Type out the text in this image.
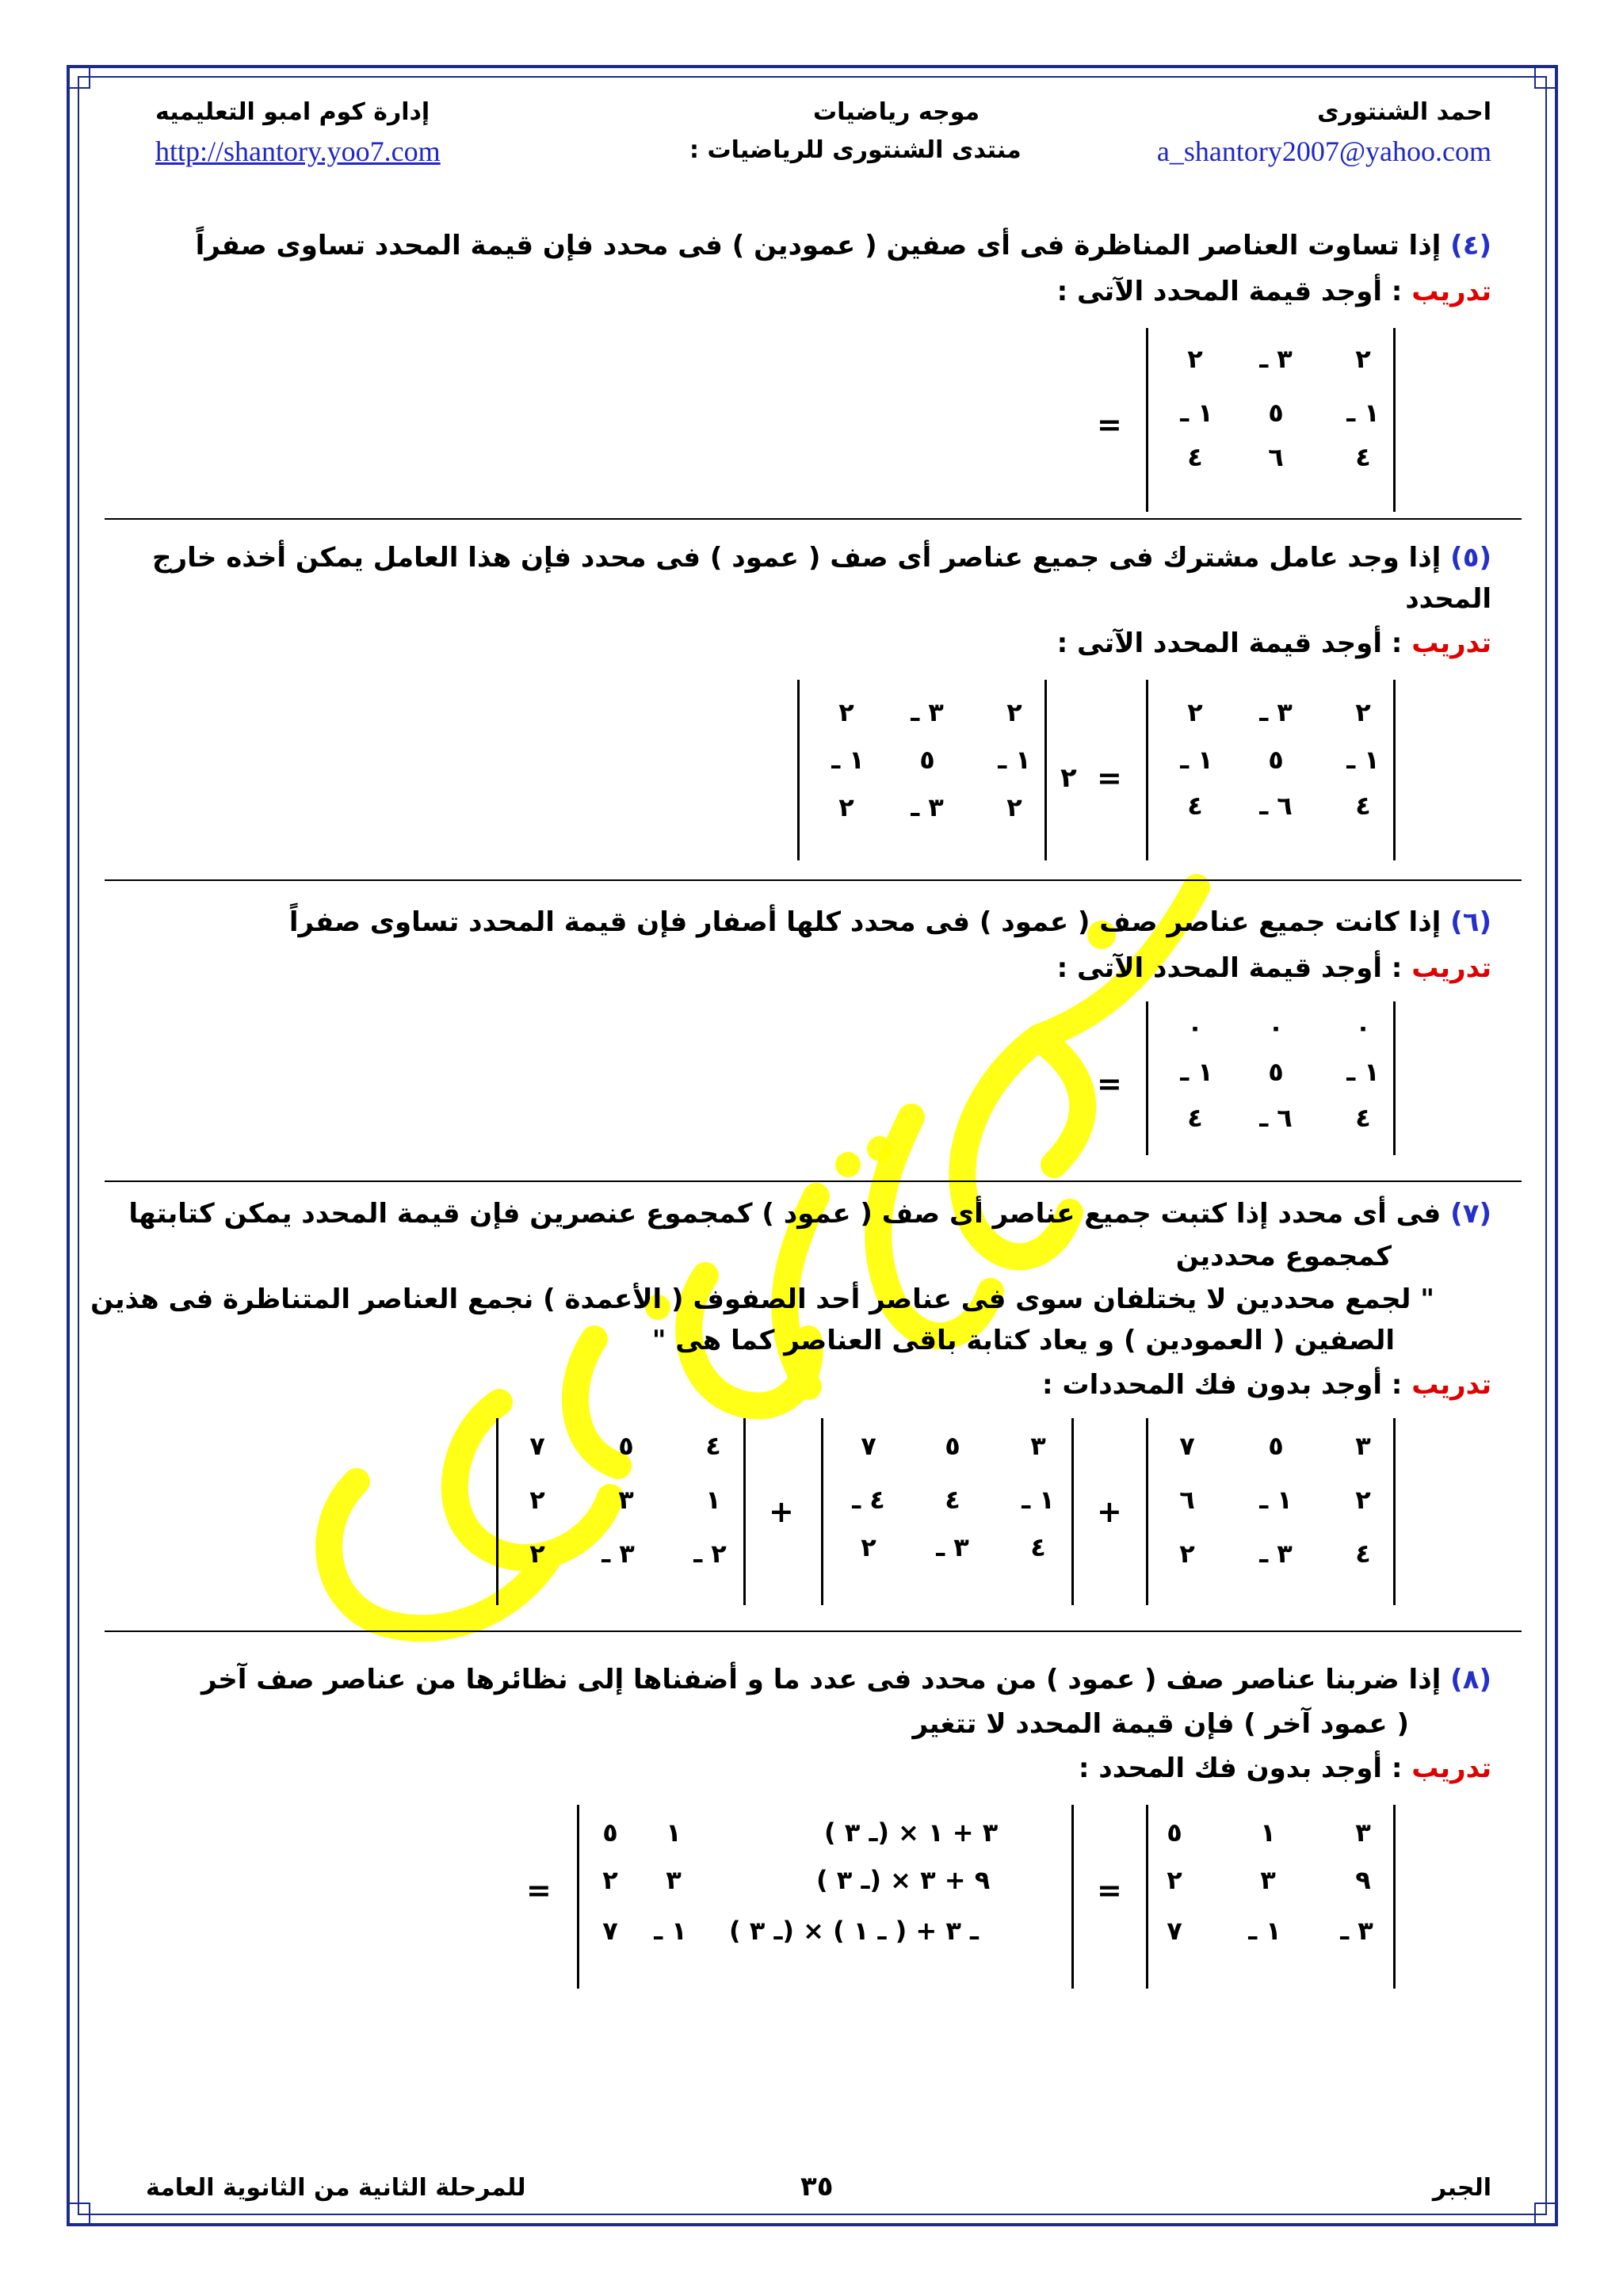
احمد الشنتورى
a_shantory2007@yahoo.com
موجه رياضيات
منتدى الشنتورى للرياضيات :
إدارة كوم امبو التعليميه
http://shantory.yoo7.com
(٤) إذا تساوت العناصر المناظرة فى أى صفين ( عمودين ) فى محدد فإن قيمة المحدد تساوى صفراً
تدريب : أوجد قيمة المحدد الآتى :
٢
٣ ـ
٢
١ ـ
٥
١ ـ
٤
٦
٤
=
(٥) إذا وجد عامل مشترك فى جميع عناصر أى صف ( عمود ) فى محدد فإن هذا العامل يمكن أخذه خارج
المحدد
تدريب : أوجد قيمة المحدد الآتى :
٢
٣ ـ
٢
١ ـ
٥
١ ـ
٤
٦ ـ
٤
=
٢
٢
٣ ـ
٢
١ ـ
٥
١ ـ
٢
٣ ـ
٢
(٦) إذا كانت جميع عناصر صف ( عمود ) فى محدد كلها أصفار فإن قيمة المحدد تساوى صفراً
تدريب : أوجد قيمة المحدد الآتى :
٠
٠
٠
١ ـ
٥
١ ـ
٤
٦ ـ
٤
=
(٧) فى أى محدد إذا كتبت جميع عناصر أى صف ( عمود ) كمجموع عنصرين فإن قيمة المحدد يمكن كتابتها
كمجموع محددين
" لجمع محددين لا يختلفان سوى فى عناصر أحد الصفوف ( الأعمدة ) نجمع العناصر المتناظرة فى هذين
الصفين ( العمودين ) و يعاد كتابة باقى العناصر كما هى "
تدريب : أوجد بدون فك المحددات :
٣
٥
٧
٢
١ ـ
٦
٤
٣ ـ
٢
+
٣
٥
٧
١ ـ
٤
٤ ـ
٤
٣ ـ
٢
+
٤
٥
٧
١
٣
٢
٢ ـ
٣ ـ
٢
(٨) إذا ضربنا عناصر صف ( عمود ) من محدد فى عدد ما و أضفناها إلى نظائرها من عناصر صف آخر
( عمود آخر ) فإن قيمة المحدد لا تتغير
تدريب : أوجد بدون فك المحدد :
٣
١
٥
٩
٣
٢
٣ ـ
١ ـ
٧
=
٣ + ١ × (ـ ٣ )
٩ + ٣ × (ـ ٣ )
ـ ٣ + ( ـ ١ ) × (ـ ٣ )
١
٣
١ ـ
٥
٢
٧
=
الجبر
٣٥
للمرحلة الثانية من الثانوية العامة
